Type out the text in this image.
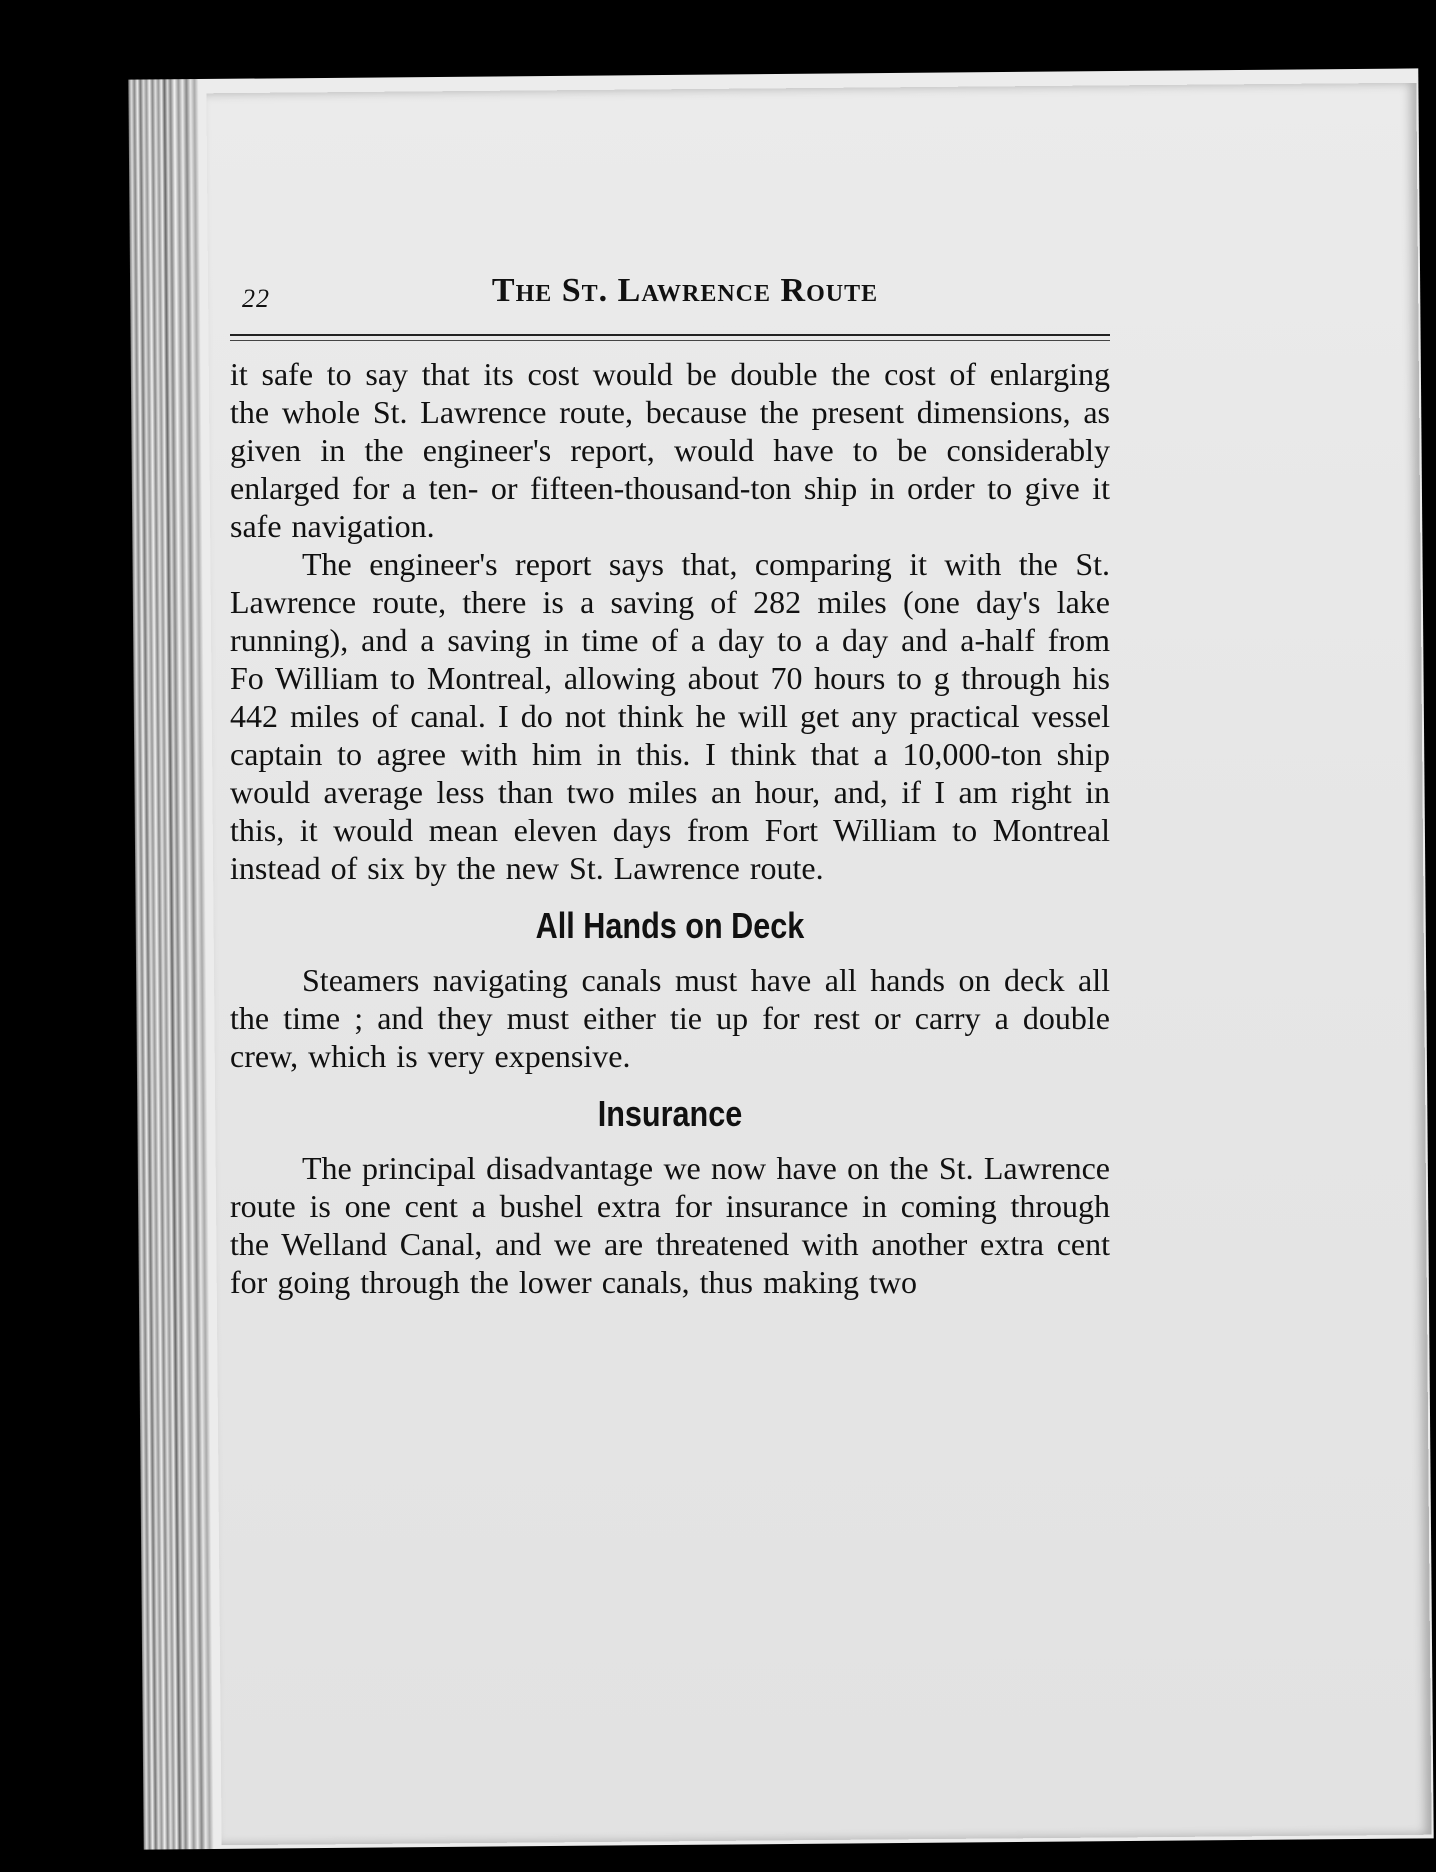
22	The St. Lawrence Route

it safe to say that its cost would be double the cost of enlarging the whole St. Lawrence route, because the present dimensions, as given in the engineer's report, would have to be considerably enlarged for a ten- or fifteen-thousand-ton ship in order to give it safe navigation.

The engineer's report says that, comparing it with the St. Lawrence route, there is a saving of 282 miles (one day's lake running), and a saving in time of a day to a day and a-half from Fo William to Montreal, allowing about 70 hours to g through his 442 miles of canal. I do not think he will get any practical vessel captain to agree with him in this. I think that a 10,000-ton ship would average less than two miles an hour, and, if I am right in this, it would mean eleven days from Fort William to Montreal instead of six by the new St. Lawrence route.

All Hands on Deck

Steamers navigating canals must have all hands on deck all the time ; and they must either tie up for rest or carry a double crew, which is very expensive.

Insurance

The principal disadvantage we now have on the St. Lawrence route is one cent a bushel extra for insurance in coming through the Welland Canal, and we are threatened with another extra cent for going through the lower canals, thus making two
